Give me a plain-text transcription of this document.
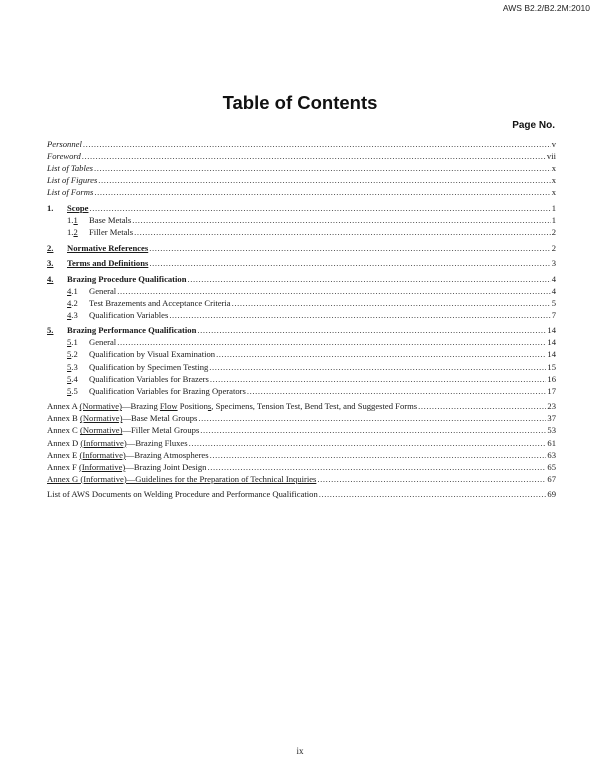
AWS B2.2/B2.2M:2010
Table of Contents
Page No.
Personnel .....	v
Foreword .....	vii
List of Tables .....	x
List of Figures .....	x
List of Forms .....	x
1.	Scope .....	1
1.1	Base Metals .....	1
1.2	Filler Metals .....	2
2.	Normative References .....	2
3.	Terms and Definitions .....	3
4.	Brazing Procedure Qualification .....	4
4.1	General .....	4
4.2	Test Brazements and Acceptance Criteria .....	5
4.3	Qualification Variables .....	7
5.	Brazing Performance Qualification .....	14
5.1	General .....	14
5.2	Qualification by Visual Examination .....	14
5.3	Qualification by Specimen Testing .....	15
5.4	Qualification Variables for Brazers .....	16
5.5	Qualification Variables for Brazing Operators .....	17
Annex A (Normative)—Brazing Flow Positions, Specimens, Tension Test, Bend Test, and Suggested Forms .....	23
Annex B (Normative)—Base Metal Groups .....	37
Annex C (Normative)—Filler Metal Groups .....	53
Annex D (Informative)—Brazing Fluxes .....	61
Annex E (Informative)—Brazing Atmospheres .....	63
Annex F (Informative)—Brazing Joint Design .....	65
Annex G (Informative)—Guidelines for the Preparation of Technical Inquiries .....	67
List of AWS Documents on Welding Procedure and Performance Qualification .....	69
ix
